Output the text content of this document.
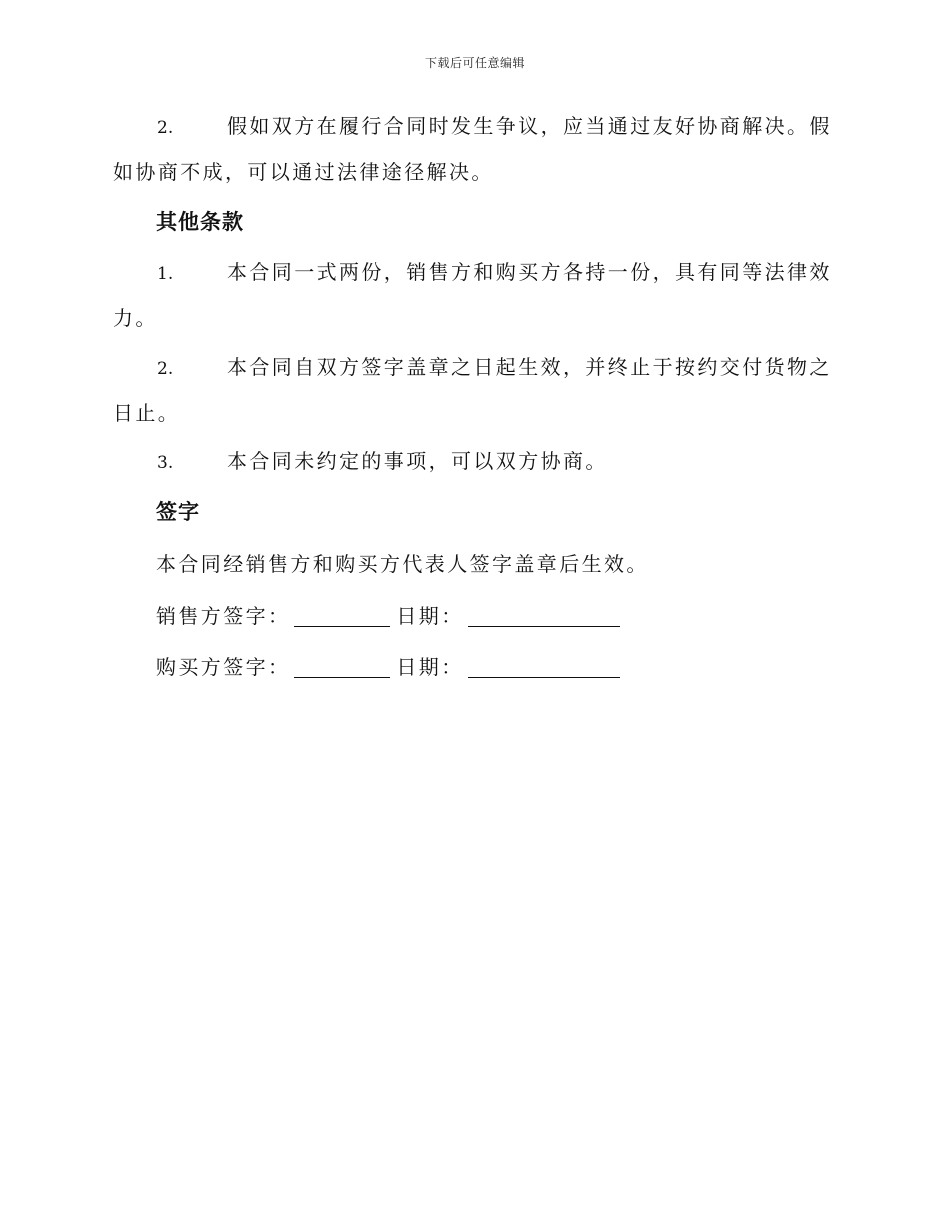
下载后可任意编辑
2.	假如双方在履行合同时发生争议，应当通过友好协商解决。假如协商不成，可以通过法律途径解决。
其他条款
1.	本合同一式两份，销售方和购买方各持一份，具有同等法律效力。
2.	本合同自双方签字盖章之日起生效，并终止于按约交付货物之日止。
3.	本合同未约定的事项，可以双方协商。
签字
本合同经销售方和购买方代表人签字盖章后生效。
销售方签字：	日期：
购买方签字：	日期：
